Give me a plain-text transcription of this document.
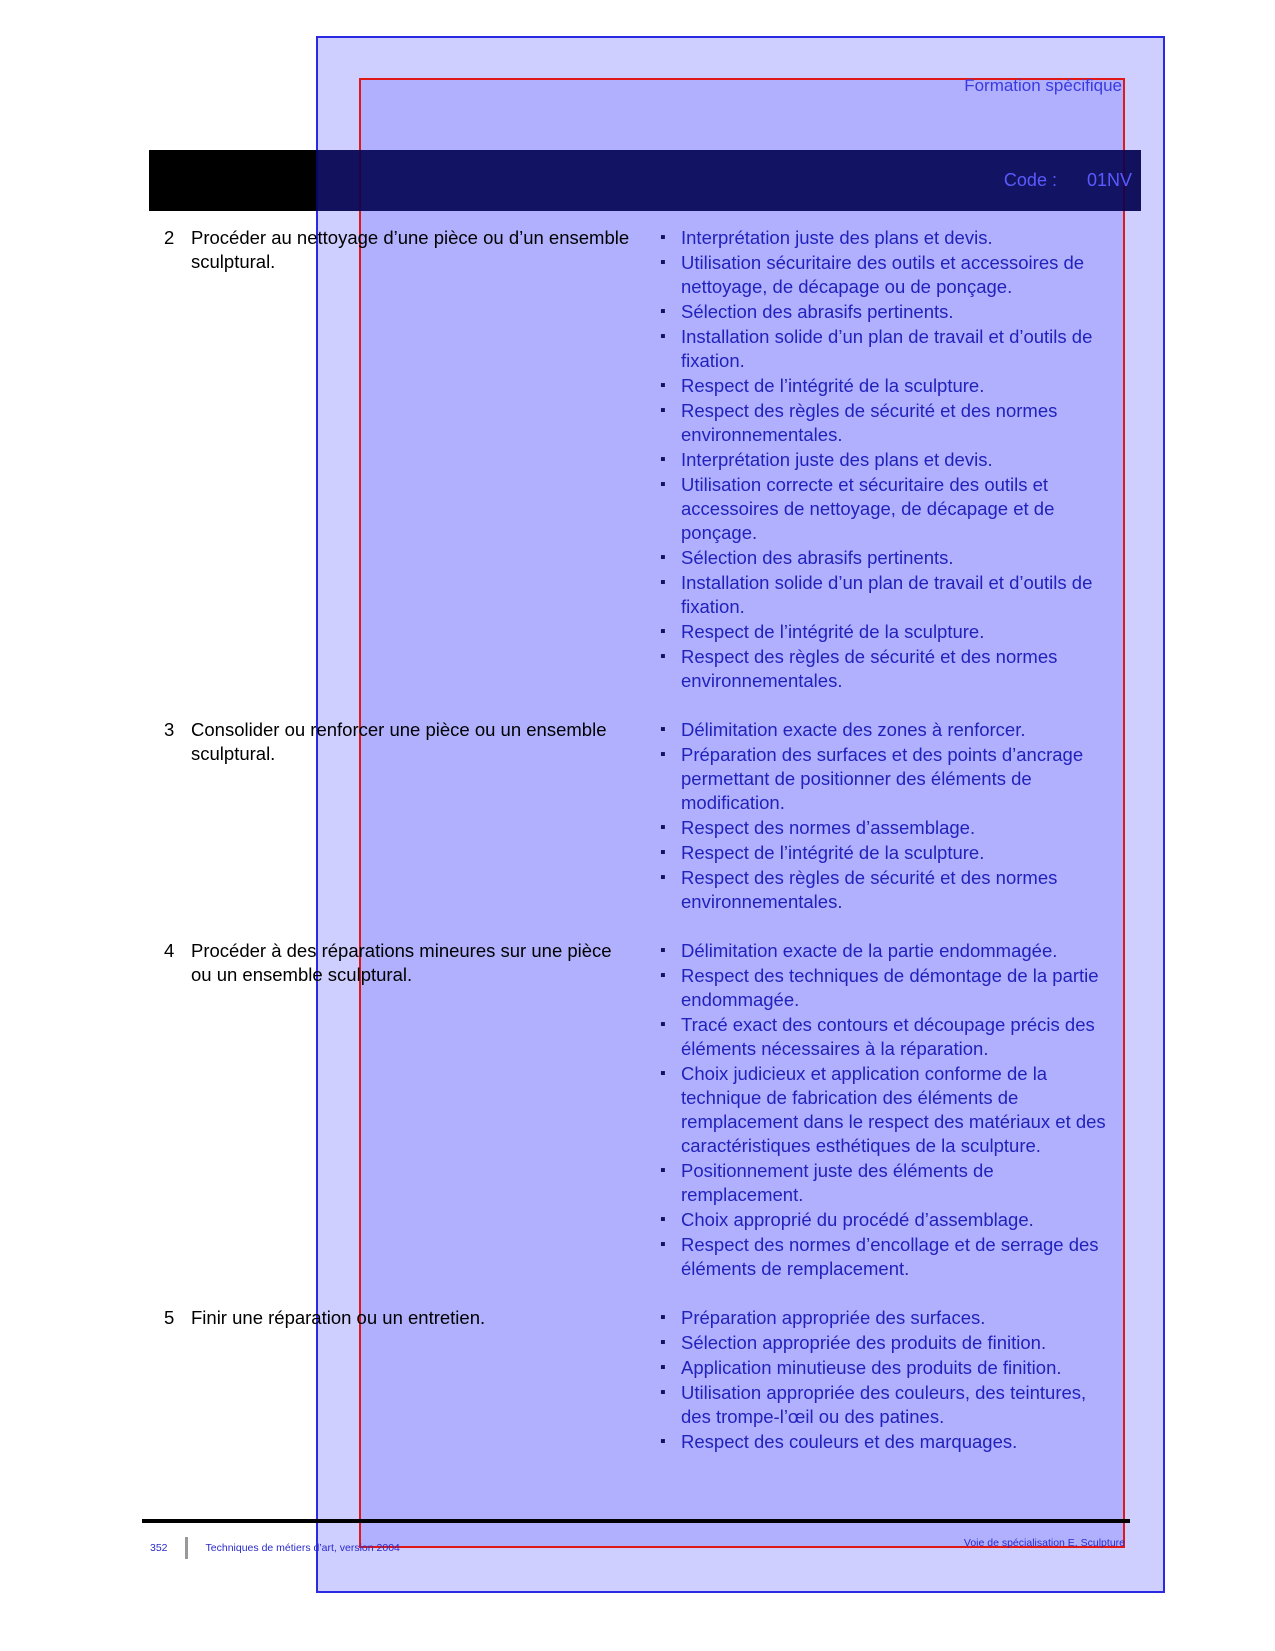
Formation spécifique
Code :      01NV
2 Procéder au nettoyage d’une pièce ou d’un ensemble sculptural.
▪ Interprétation juste des plans et devis.
▪ Utilisation sécuritaire des outils et accessoires de nettoyage, de décapage ou de ponçage.
▪ Sélection des abrasifs pertinents.
▪ Installation solide d’un plan de travail et d’outils de fixation.
▪ Respect de l’intégrité de la sculpture.
▪ Respect des règles de sécurité et des normes environnementales.
▪ Interprétation juste des plans et devis.
▪ Utilisation correcte et sécuritaire des outils et accessoires de nettoyage, de décapage et de ponçage.
▪ Sélection des abrasifs pertinents.
▪ Installation solide d’un plan de travail et d’outils de fixation.
▪ Respect de l’intégrité de la sculpture.
▪ Respect des règles de sécurité et des normes environnementales.
3 Consolider ou renforcer une pièce ou un ensemble sculptural.
▪ Délimitation exacte des zones à renforcer.
▪ Préparation des surfaces et des points d’ancrage permettant de positionner des éléments de modification.
▪ Respect des normes d’assemblage.
▪ Respect de l’intégrité de la sculpture.
▪ Respect des règles de sécurité et des normes environnementales.
4 Procéder à des réparations mineures sur une pièce ou un ensemble sculptural.
▪ Délimitation exacte de la partie endommagée.
▪ Respect des techniques de démontage de la partie endommagée.
▪ Tracé exact des contours et découpage précis des éléments nécessaires à la réparation.
▪ Choix judicieux et application conforme de la technique de fabrication des éléments de remplacement dans le respect des matériaux et des caractéristiques esthétiques de la sculpture.
▪ Positionnement juste des éléments de remplacement.
▪ Choix approprié du procédé d’assemblage.
▪ Respect des normes d’encollage et de serrage des éléments de remplacement.
5 Finir une réparation ou un entretien.	▪ Préparation appropriée des surfaces.
▪ Sélection appropriée des produits de finition.
▪ Application minutieuse des produits de finition.
▪ Utilisation appropriée des couleurs, des teintures, des trompe-l’œil ou des patines.
▪ Respect des couleurs et des marquages.
352	Techniques de métiers d’art, version 2004	Voie de spécialisation E, Sculpture
